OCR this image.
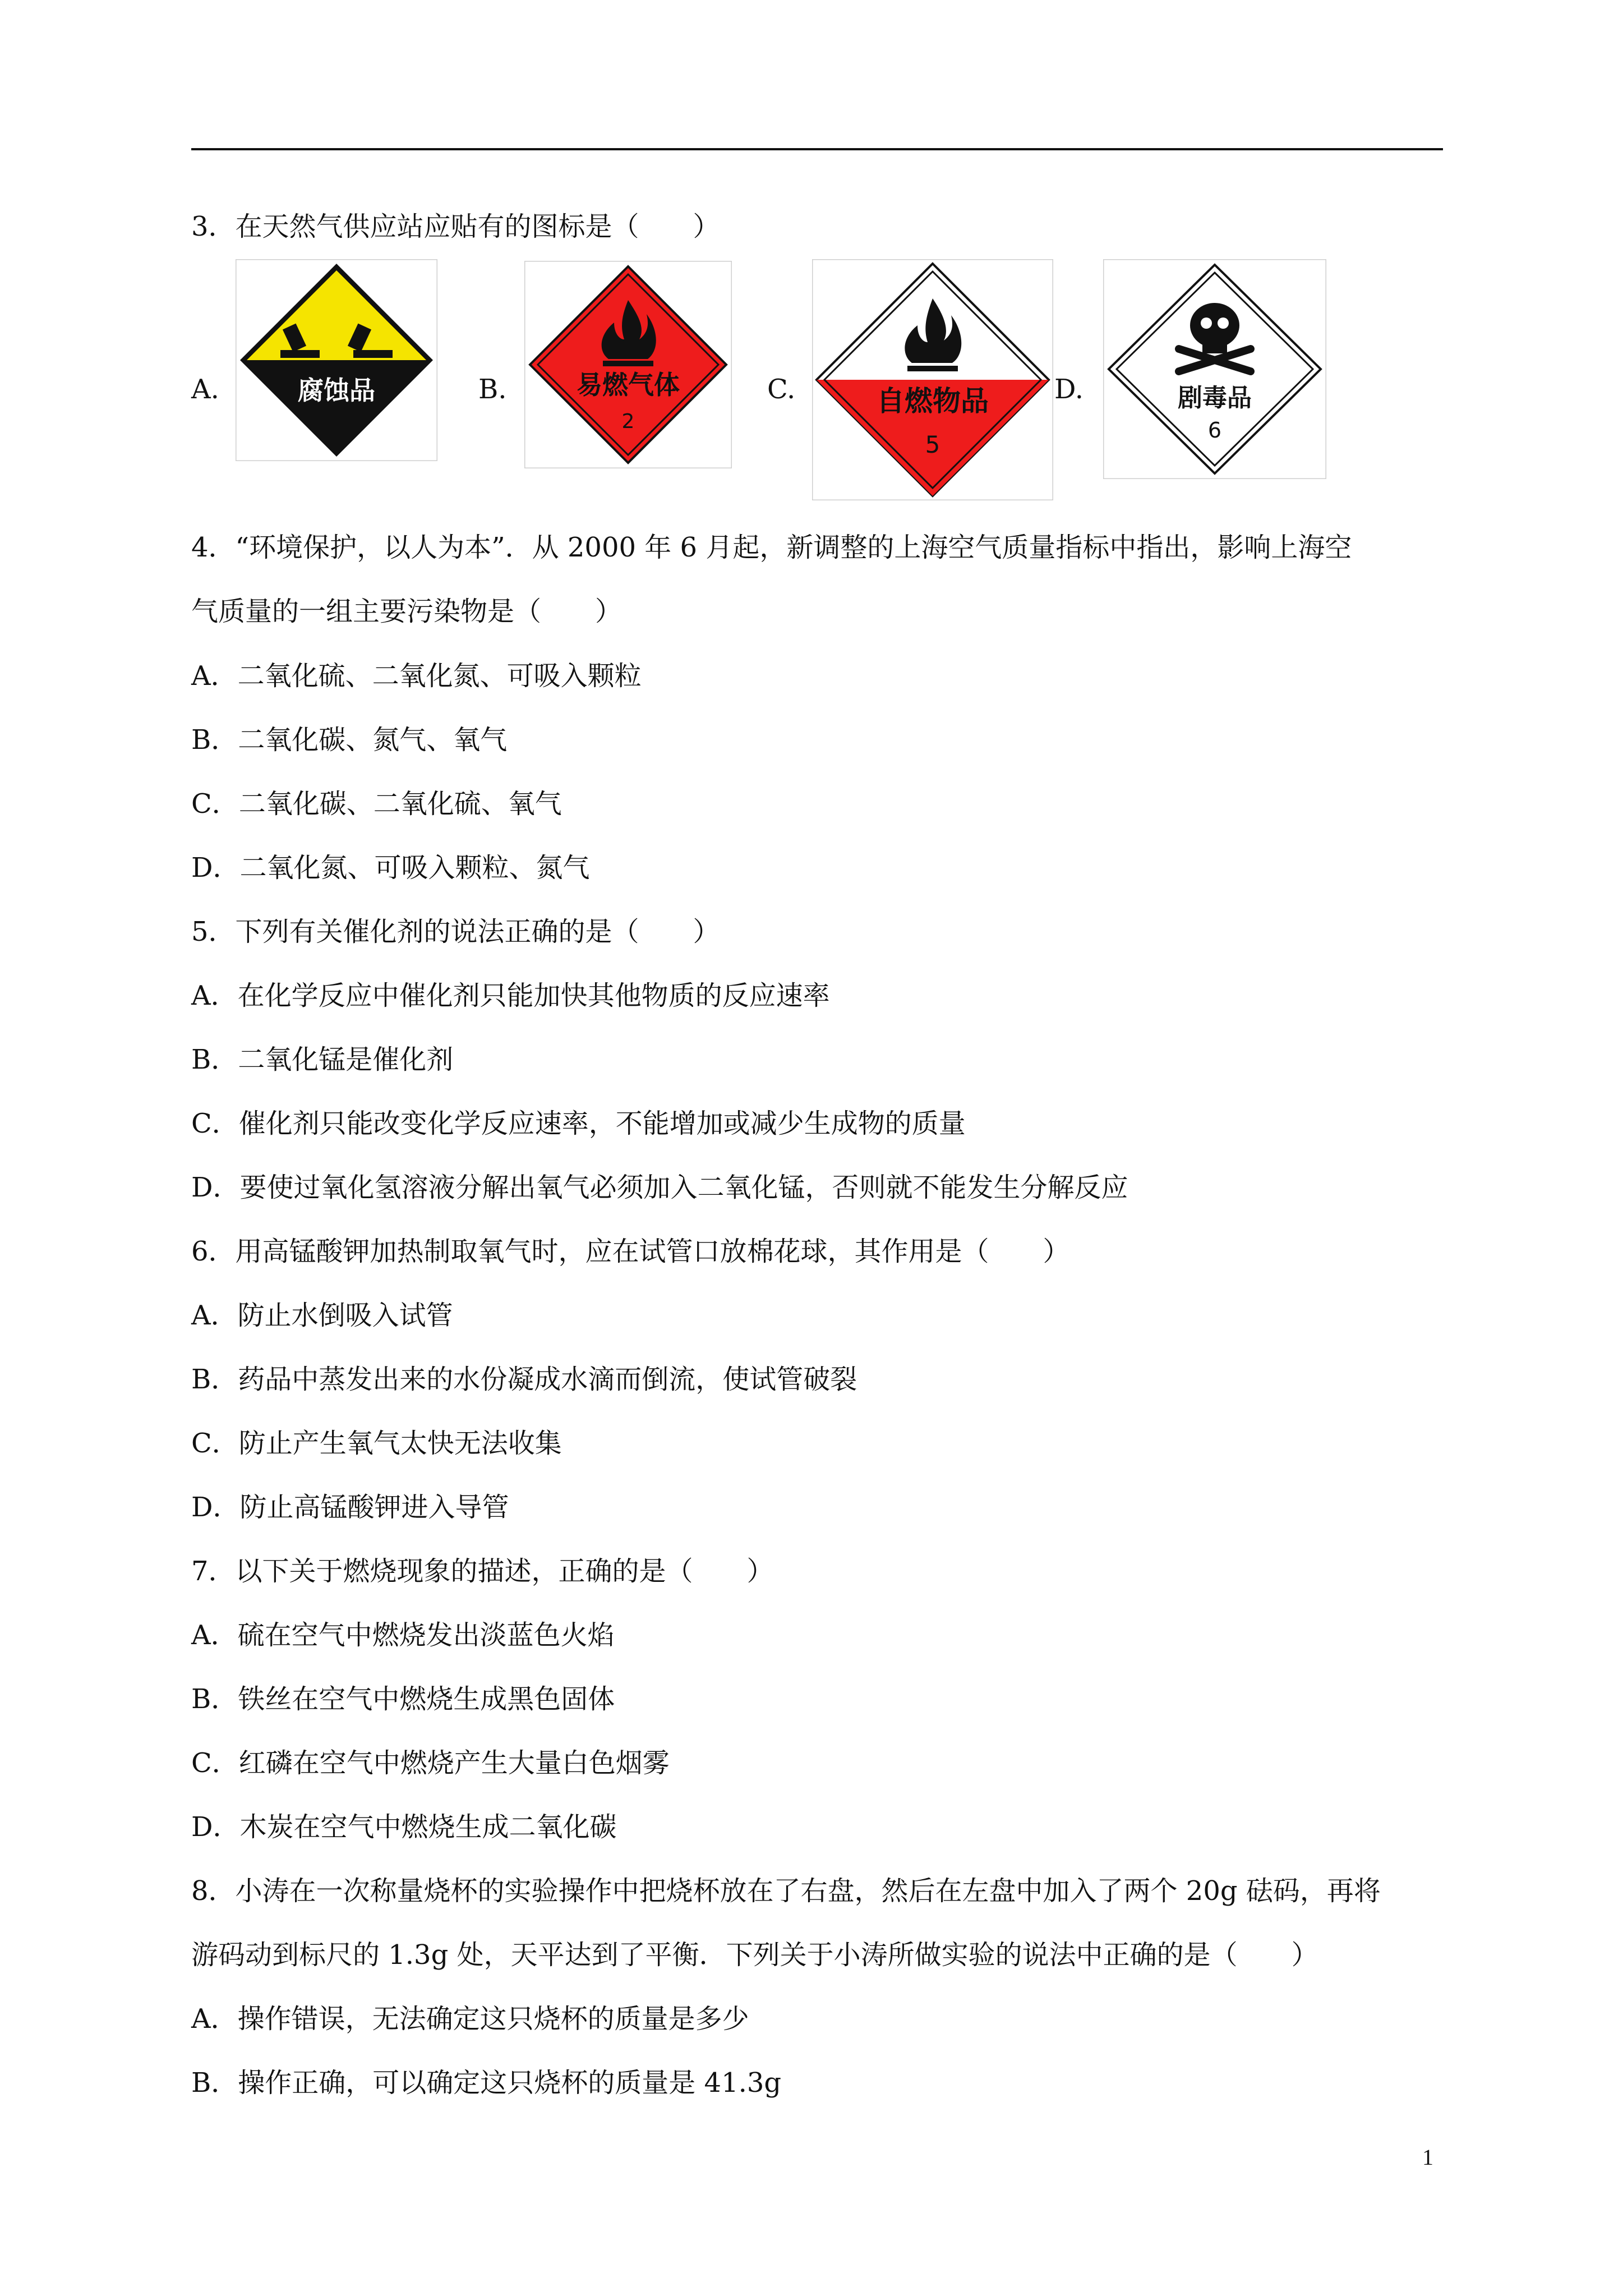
3．在天然气供应站应贴有的图标是（　　）
A.	腐蚀品	B.	易燃气体
2
C.	自燃物品
5
D.	剧毒品
6
4．“环境保护，以人为本”．从 2000 年 6 月起，新调整的上海空气质量指标中指出，影响上海空
气质量的一组主要污染物是（　　）
A．二氧化硫、二氧化氮、可吸入颗粒
B．二氧化碳、氮气、氧气
C．二氧化碳、二氧化硫、氧气
D．二氧化氮、可吸入颗粒、氮气
5．下列有关催化剂的说法正确的是（　　）
A．在化学反应中催化剂只能加快其他物质的反应速率
B．二氧化锰是催化剂
C．催化剂只能改变化学反应速率，不能增加或减少生成物的质量
D．要使过氧化氢溶液分解出氧气必须加入二氧化锰，否则就不能发生分解反应
6．用高锰酸钾加热制取氧气时，应在试管口放棉花球，其作用是（　　）
A．防止水倒吸入试管
B．药品中蒸发出来的水份凝成水滴而倒流，使试管破裂
C．防止产生氧气太快无法收集
D．防止高锰酸钾进入导管
7．以下关于燃烧现象的描述，正确的是（　　）
A．硫在空气中燃烧发出淡蓝色火焰
B．铁丝在空气中燃烧生成黑色固体
C．红磷在空气中燃烧产生大量白色烟雾
D．木炭在空气中燃烧生成二氧化碳
8．小涛在一次称量烧杯的实验操作中把烧杯放在了右盘，然后在左盘中加入了两个 20g 砝码，再将
游码动到标尺的 1.3g 处，天平达到了平衡．下列关于小涛所做实验的说法中正确的是（　　）
A．操作错误，无法确定这只烧杯的质量是多少
B．操作正确，可以确定这只烧杯的质量是 41.3g
1
